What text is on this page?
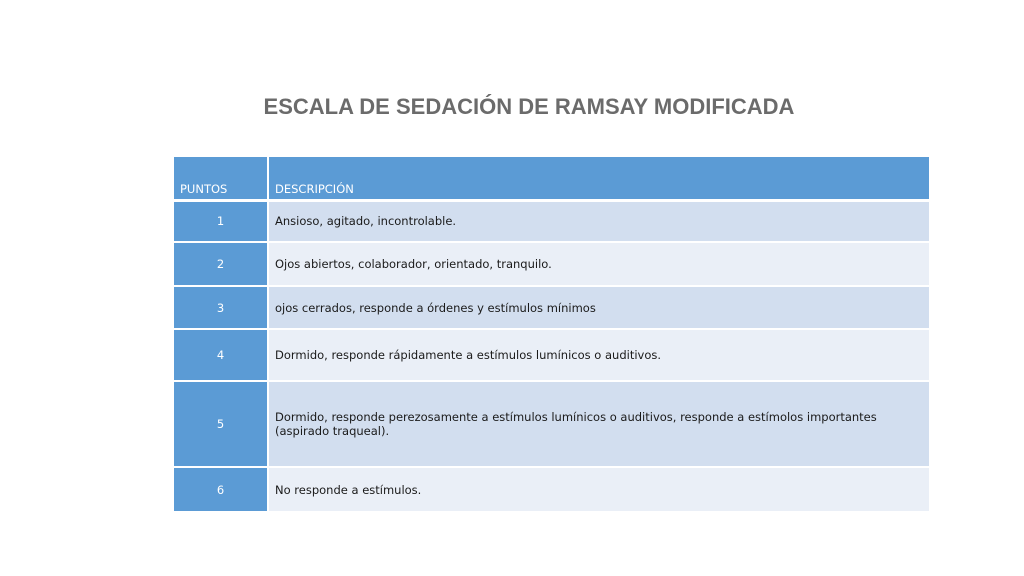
ESCALA DE SEDACIÓN DE RAMSAY MODIFICADA
PUNTOS	DESCRIPCIÓN
1	Ansioso, agitado, incontrolable.
2	Ojos abiertos, colaborador, orientado, tranquilo.
3	ojos cerrados, responde a órdenes y estímulos mínimos
4	Dormido, responde rápidamente a estímulos lumínicos o auditivos.
5	Dormido, responde perezosamente a estímulos lumínicos o auditivos, responde a estímolos importantes (aspirado traqueal).
6	No responde a estímulos.
